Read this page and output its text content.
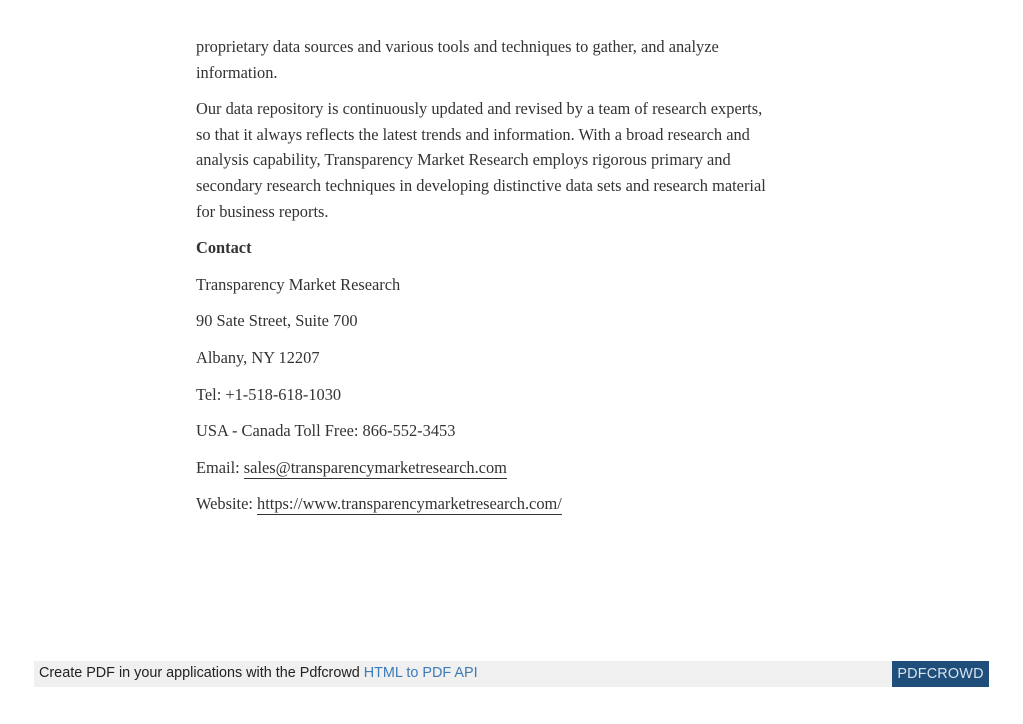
proprietary data sources and various tools and techniques to gather, and analyze
information.

Our data repository is continuously updated and revised by a team of research experts,
so that it always reflects the latest trends and information. With a broad research and
analysis capability, Transparency Market Research employs rigorous primary and
secondary research techniques in developing distinctive data sets and research material
for business reports.

Contact

Transparency Market Research

90 Sate Street, Suite 700

Albany, NY 12207

Tel: +1-518-618-1030

USA - Canada Toll Free: 866-552-3453

Email: sales@transparencymarketresearch.com

Website: https://www.transparencymarketresearch.com/

Create PDF in your applications with the Pdfcrowd HTML to PDF API	PDFCROWD
